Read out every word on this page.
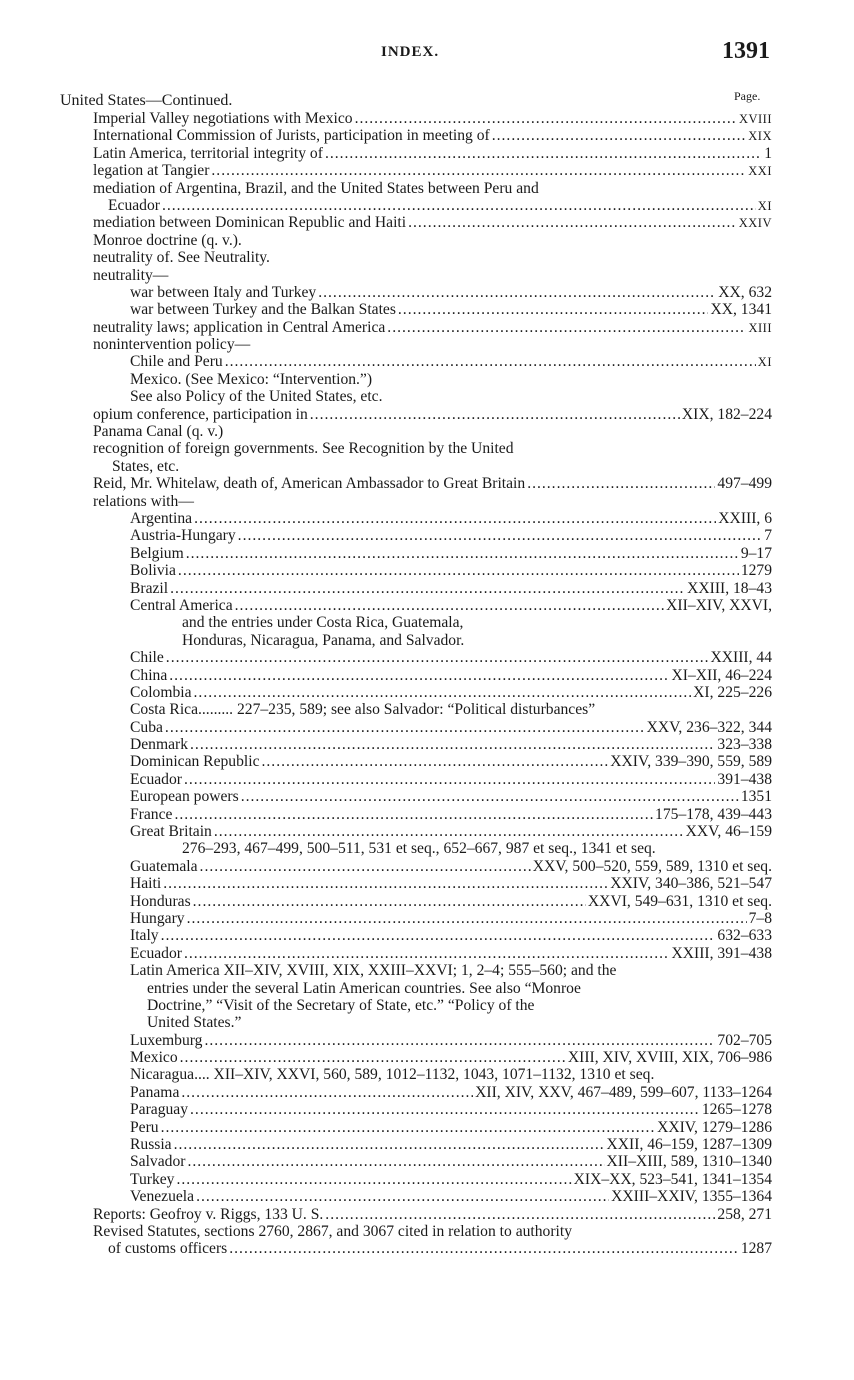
INDEX.	1391
United States—Continued.	Page.
Imperial Valley negotiations with Mexico .....	XVIII
International Commission of Jurists, participation in meeting of .....	XIX
Latin America, territorial integrity of .....	1
legation at Tangier .....	XXI
mediation of Argentina, Brazil, and the United States between Peru and
Ecuador .....	XI
mediation between Dominican Republic and Haiti .....	XXIV
Monroe doctrine (q. v.).
neutrality of. See Neutrality.
neutrality—
war between Italy and Turkey .....	XX, 632
war between Turkey and the Balkan States .....	XX, 1341
neutrality laws; application in Central America .....	XIII
nonintervention policy—
Chile and Peru .....	XI
Mexico. (See Mexico: “Intervention.”)
See also Policy of the United States, etc.
opium conference, participation in .....	XIX, 182–224
Panama Canal (q. v.)
recognition of foreign governments. See Recognition by the United
States, etc.
Reid, Mr. Whitelaw, death of, American Ambassador to Great Britain .....	497–499
relations with—
Argentina .....	XXIII, 6
Austria-Hungary .....	7
Belgium .....	9–17
Bolivia .....	1279
Brazil .....	XXIII, 18–43
Central America .....	XII–XIV, XXVI,
and the entries under Costa Rica, Guatemala,
Honduras, Nicaragua, Panama, and Salvador.
Chile .....	XXIII, 44
China .....	XI–XII, 46–224
Colombia .....	XI, 225–226
Costa Rica......... 227–235, 589; see also Salvador: “Political disturbances”
Cuba .....	XXV, 236–322, 344
Denmark .....	323–338
Dominican Republic .....	XXIV, 339–390, 559, 589
Ecuador .....	391–438
European powers .....	1351
France .....	175–178, 439–443
Great Britain .....	XXV, 46–159
276–293, 467–499, 500–511, 531 et seq., 652–667, 987 et seq., 1341 et seq.
Guatemala .....	XXV, 500–520, 559, 589, 1310 et seq.
Haiti .....	XXIV, 340–386, 521–547
Honduras .....	XXVI, 549–631, 1310 et seq.
Hungary .....	7–8
Italy .....	632–633
Ecuador .....	XXIII, 391–438
Latin America XII–XIV, XVIII, XIX, XXIII–XXVI; 1, 2–4; 555–560; and the
entries under the several Latin American countries. See also “Monroe
Doctrine,” “Visit of the Secretary of State, etc.” “Policy of the
United States.”
Luxemburg .....	702–705
Mexico .....	XIII, XIV, XVIII, XIX, 706–986
Nicaragua.... XII–XIV, XXVI, 560, 589, 1012–1132, 1043, 1071–1132, 1310 et seq.
Panama .....	XII, XIV, XXV, 467–489, 599–607, 1133–1264
Paraguay .....	1265–1278
Peru .....	XXIV, 1279–1286
Russia .....	XXII, 46–159, 1287–1309
Salvador .....	XII–XIII, 589, 1310–1340
Turkey .....	XIX–XX, 523–541, 1341–1354
Venezuela .....	XXIII–XXIV, 1355–1364
Reports: Geofroy v. Riggs, 133 U. S. .....	258, 271
Revised Statutes, sections 2760, 2867, and 3067 cited in relation to authority
of customs officers .....	1287
